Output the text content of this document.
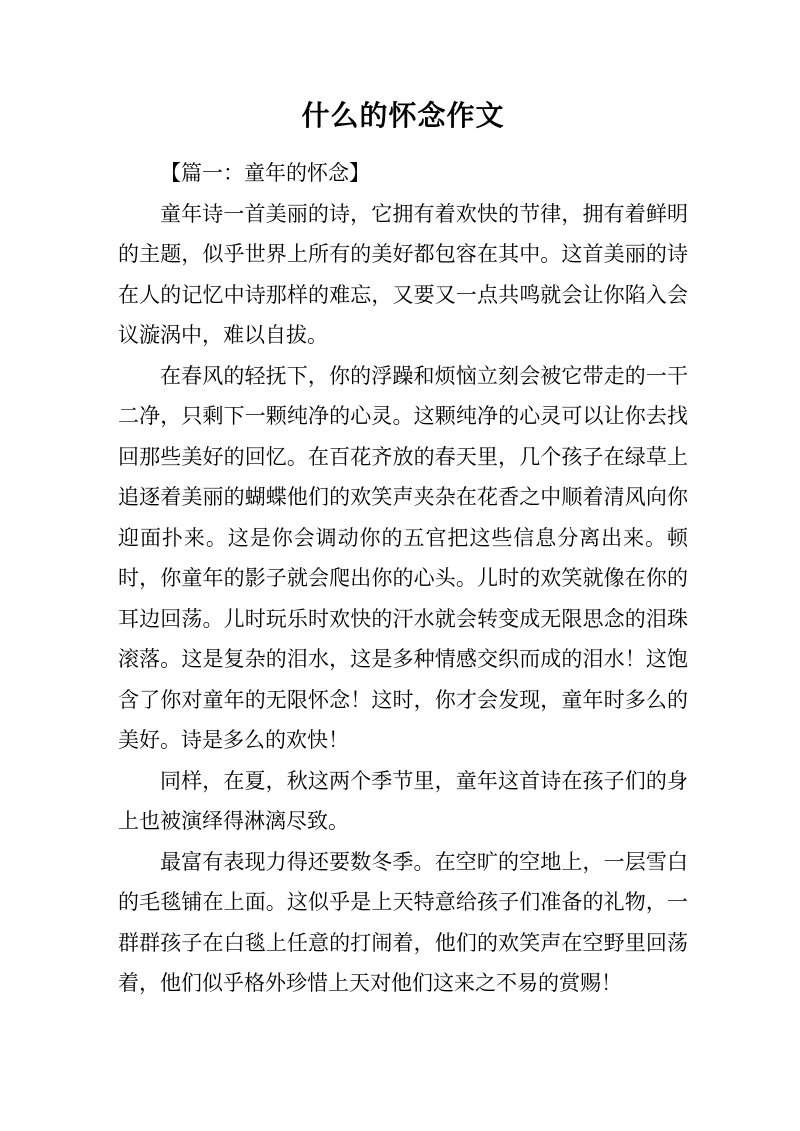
什么的怀念作文

【篇一：童年的怀念】

童年诗一首美丽的诗，它拥有着欢快的节律，拥有着鲜明的主题，似乎世界上所有的美好都包容在其中。这首美丽的诗在人的记忆中诗那样的难忘，又要又一点共鸣就会让你陷入会议漩涡中，难以自拔。

在春风的轻抚下，你的浮躁和烦恼立刻会被它带走的一干二净，只剩下一颗纯净的心灵。这颗纯净的心灵可以让你去找回那些美好的回忆。在百花齐放的春天里，几个孩子在绿草上追逐着美丽的蝴蝶他们的欢笑声夹杂在花香之中顺着清风向你迎面扑来。这是你会调动你的五官把这些信息分离出来。顿时，你童年的影子就会爬出你的心头。儿时的欢笑就像在你的耳边回荡。儿时玩乐时欢快的汗水就会转变成无限思念的泪珠滚落。这是复杂的泪水，这是多种情感交织而成的泪水！这饱含了你对童年的无限怀念！这时，你才会发现，童年时多么的美好。诗是多么的欢快！

同样，在夏，秋这两个季节里，童年这首诗在孩子们的身上也被演绎得淋漓尽致。

最富有表现力得还要数冬季。在空旷的空地上，一层雪白的毛毯铺在上面。这似乎是上天特意给孩子们准备的礼物，一群群孩子在白毯上任意的打闹着，他们的欢笑声在空野里回荡着，他们似乎格外珍惜上天对他们这来之不易的赏赐！
